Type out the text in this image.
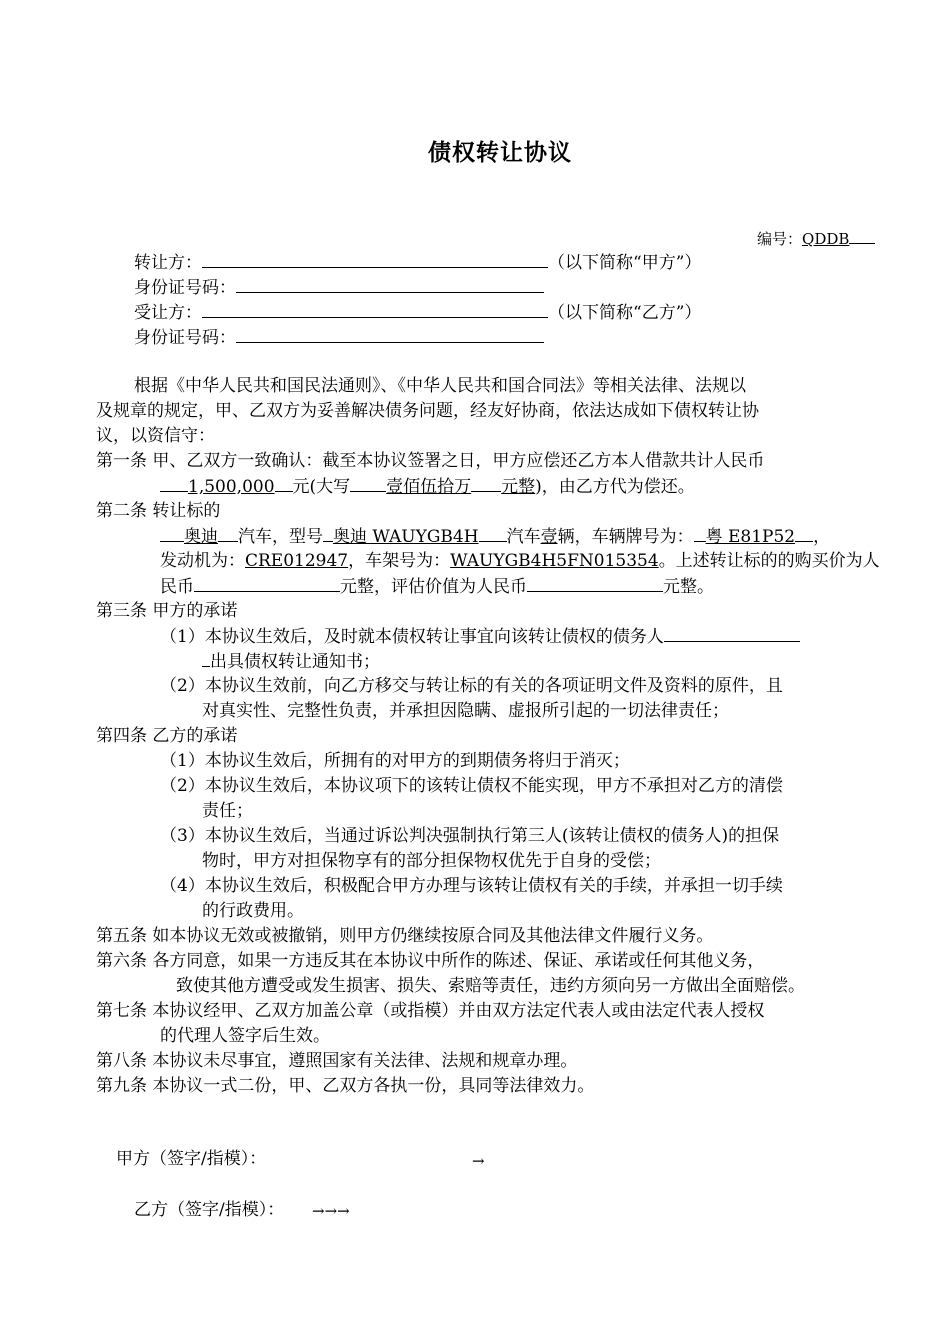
债权转让协议
编号：QDDB
转让方：	（以下简称“甲方”）
身份证号码：
受让方：	（以下简称“乙方”）
身份证号码：
根据《中华人民共和国民法通则》、《中华人民共和国合同法》等相关法律、法规以
及规章的规定，甲、乙双方为妥善解决债务问题，经友好协商，依法达成如下债权转让协
议，以资信守：
第一条 甲、乙双方一致确认：截至本协议签署之日，甲方应偿还乙方本人借款共计人民币
1,500,000 元(大写 壹佰伍拾万 元整)，由乙方代为偿还。
第二条 转让标的
奥迪 汽车，型号 奥迪 WAUYGB4H 汽车壹辆，车辆牌号为： 粤 E81P52 ，
发动机为：CRE012947，车架号为：WAUYGB4H5FN015354。上述转让标的的购买价为人
民币	元整，评估价值为人民币	元整。
第三条 甲方的承诺
（1）本协议生效后，及时就本债权转让事宜向该转让债权的债务人
出具债权转让通知书；
（2）本协议生效前，向乙方移交与转让标的有关的各项证明文件及资料的原件，且
对真实性、完整性负责，并承担因隐瞒、虚报所引起的一切法律责任；
第四条 乙方的承诺
（1）本协议生效后，所拥有的对甲方的到期债务将归于消灭；
（2）本协议生效后，本协议项下的该转让债权不能实现，甲方不承担对乙方的清偿
责任；
（3）本协议生效后，当通过诉讼判决强制执行第三人(该转让债权的债务人)的担保
物时，甲方对担保物享有的部分担保物权优先于自身的受偿；
（4）本协议生效后，积极配合甲方办理与该转让债权有关的手续，并承担一切手续
的行政费用。
第五条 如本协议无效或被撤销，则甲方仍继续按原合同及其他法律文件履行义务。
第六条 各方同意，如果一方违反其在本协议中所作的陈述、保证、承诺或任何其他义务，
致使其他方遭受或发生损害、损失、索赔等责任，违约方须向另一方做出全面赔偿。
第七条 本协议经甲、乙双方加盖公章（或指模）并由双方法定代表人或由法定代表人授权
的代理人签字后生效。
第八条 本协议未尽事宜，遵照国家有关法律、法规和规章办理。
第九条 本协议一式二份，甲、乙双方各执一份，具同等法律效力。
甲方（签字/指模）：	→
乙方（签字/指模）： →→→
